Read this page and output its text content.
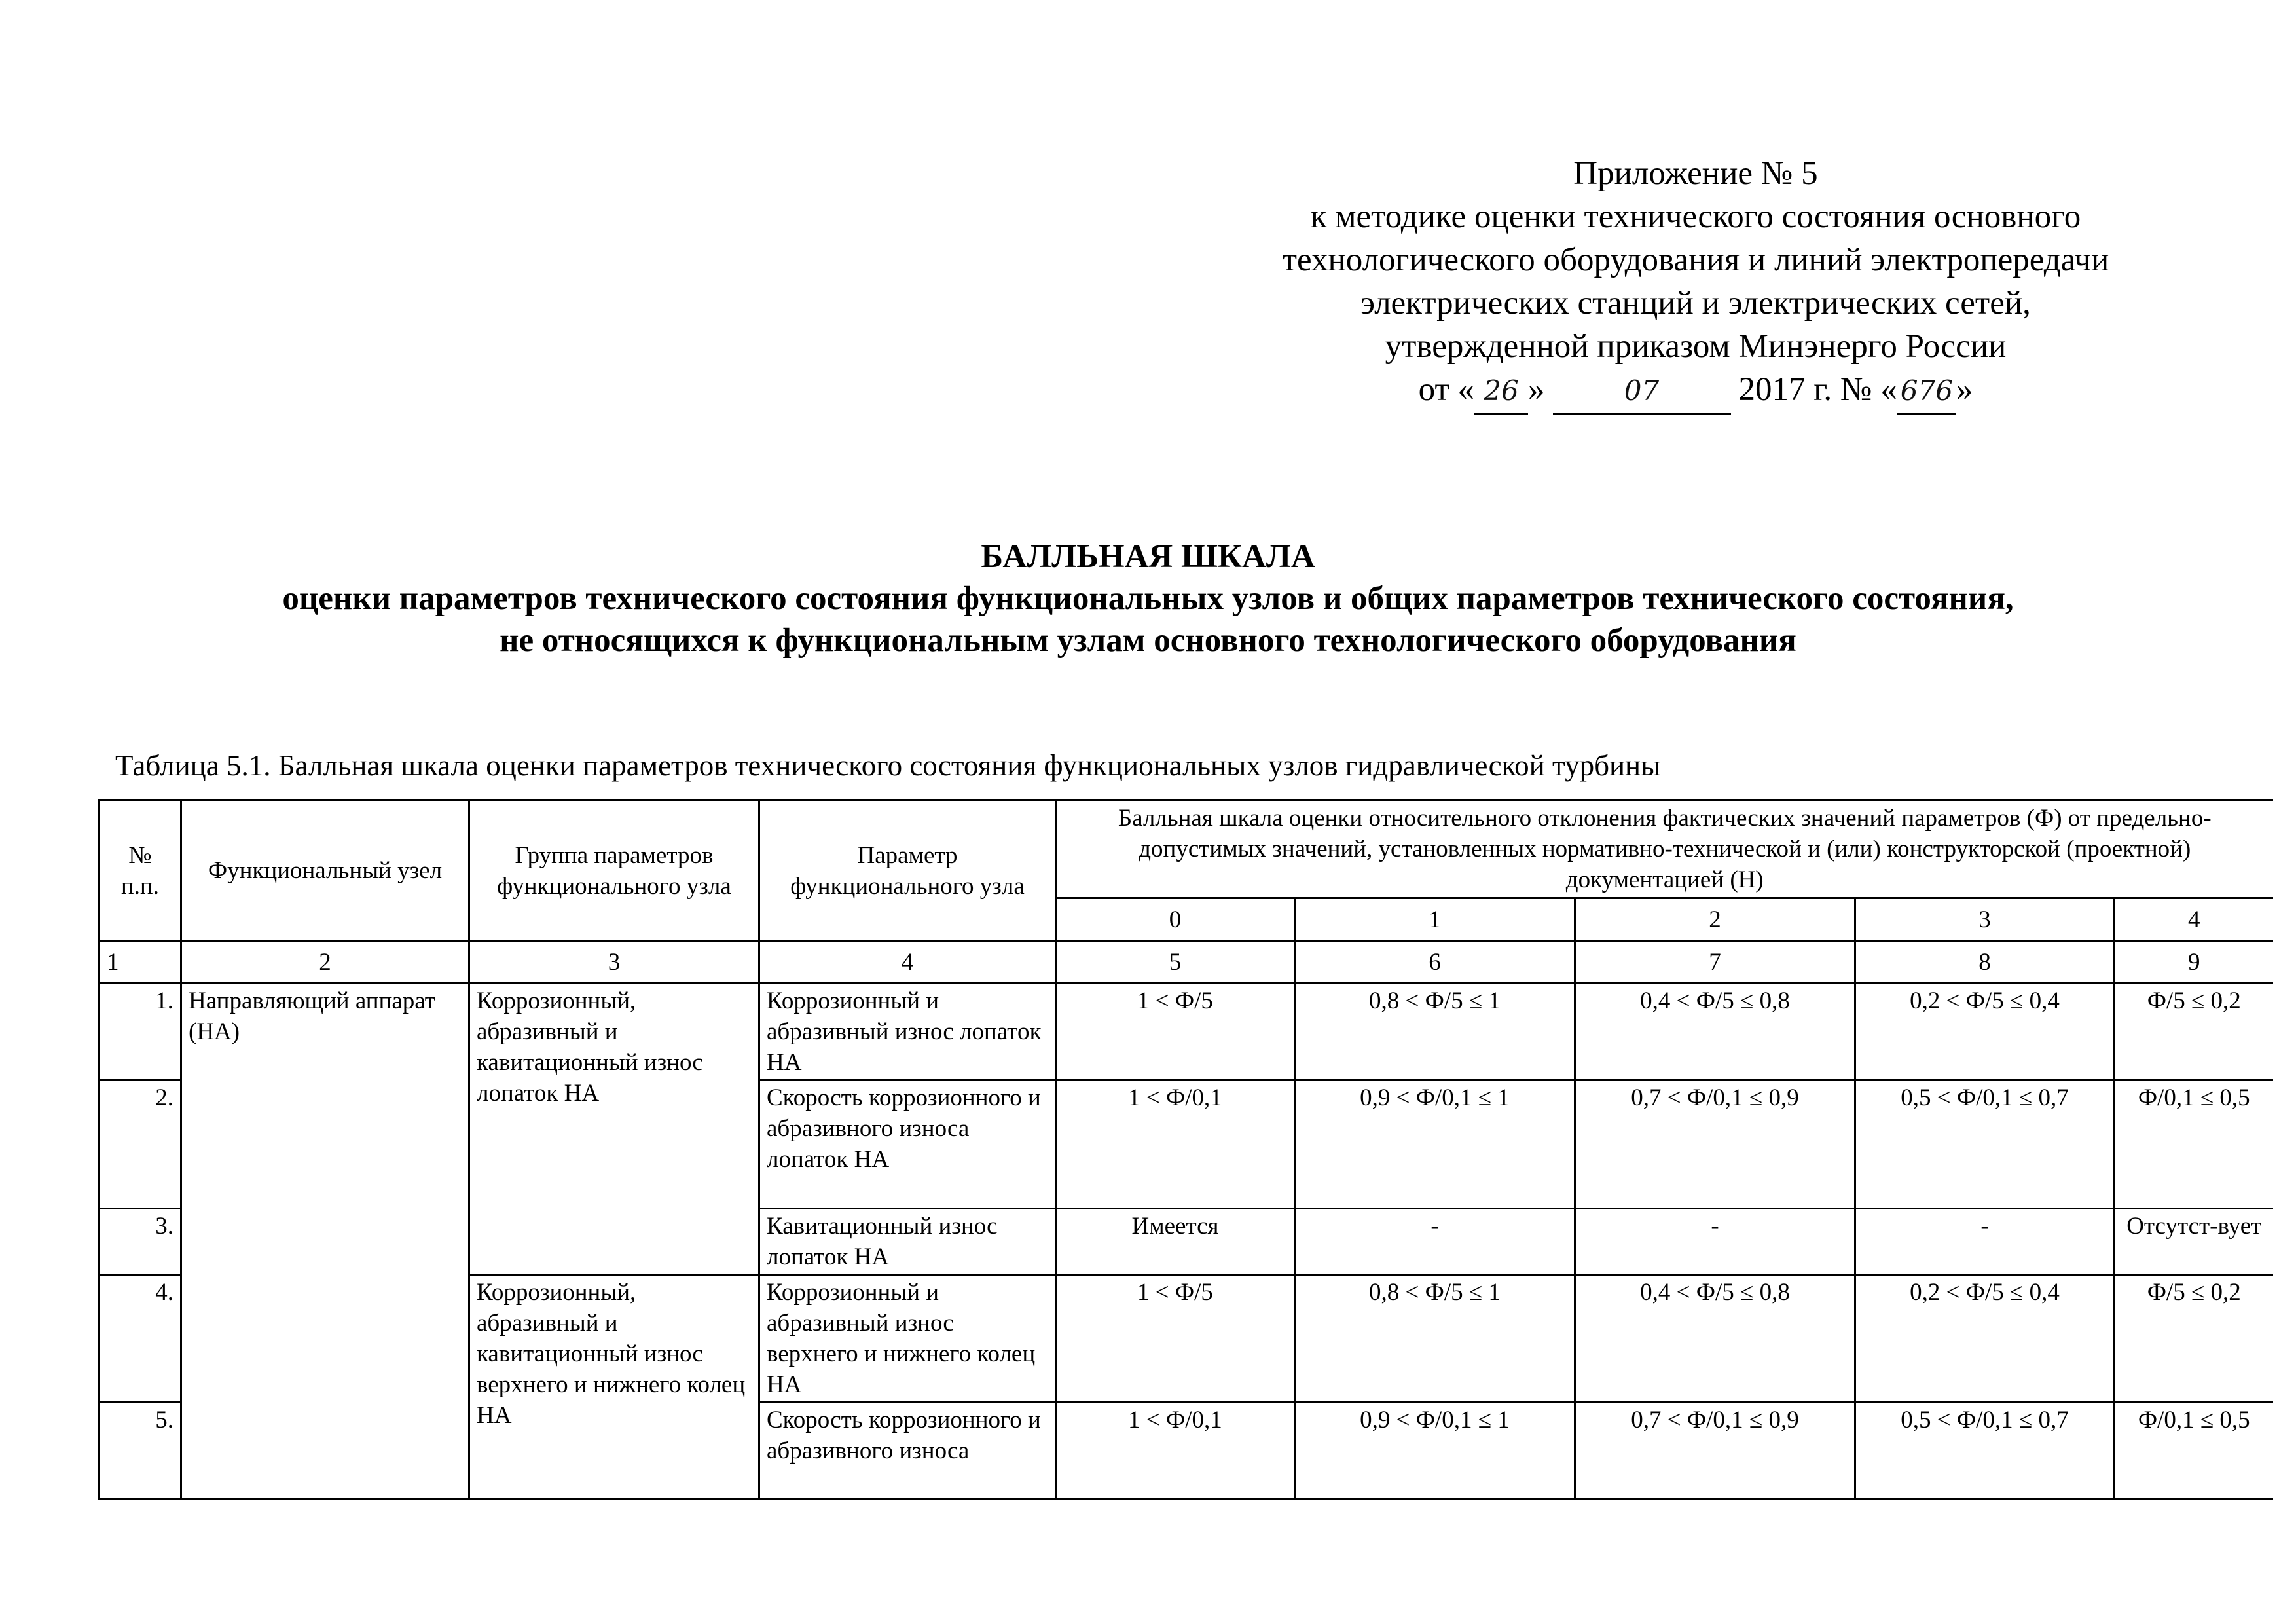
Приложение № 5
к методике оценки технического состояния основного
технологического оборудования и линий электропередачи
электрических станций и электрических сетей,
утвержденной приказом Минэнерго России
от « 26 »	07 2017 г. № « 676»
БАЛЛЬНАЯ ШКАЛА
оценки параметров технического состояния функциональных узлов и общих параметров технического состояния,
не относящихся к функциональным узлам основного технологического оборудования
Таблица 5.1. Балльная шкала оценки параметров технического состояния функциональных узлов гидравлической турбины
№ п.п.	Функциональный узел	Группа параметров функционального узла	Параметр функционального узла	Балльная шкала оценки относительного отклонения фактических значений параметров (Ф) от предельно-допустимых значений, установленных нормативно-технической и (или) конструкторской (проектной) документацией (Н)				
				0	1	2	3	4
1	2	3	4	5	6	7	8	9
1.	Направляющий аппарат (НА)	Коррозионный, абразивный и кавитационный износ лопаток НА	Коррозионный и абразивный износ лопаток НА	1 < Ф/5	0,8 < Ф/5 ≤ 1	0,4 < Ф/5 ≤ 0,8	0,2 < Ф/5 ≤ 0,4	Ф/5 ≤ 0,2
2.			Скорость коррозионного и абразивного износа лопаток НА	1 < Ф/0,1	0,9 < Ф/0,1 ≤ 1	0,7 < Ф/0,1 ≤ 0,9	0,5 < Ф/0,1 ≤ 0,7	Ф/0,1 ≤ 0,5
3.			Кавитационный износ лопаток НА	Имеется	-	-	-	Отсутст-вует
4.		Коррозионный, абразивный и кавитационный износ верхнего и нижнего колец НА	Коррозионный и абразивный износ верхнего и нижнего колец НА	1 < Ф/5	0,8 < Ф/5 ≤ 1	0,4 < Ф/5 ≤ 0,8	0,2 < Ф/5 ≤ 0,4	Ф/5 ≤ 0,2
5.			Скорость коррозионного и абразивного износа	1 < Ф/0,1	0,9 < Ф/0,1 ≤ 1	0,7 < Ф/0,1 ≤ 0,9	0,5 < Ф/0,1 ≤ 0,7	Ф/0,1 ≤ 0,5
